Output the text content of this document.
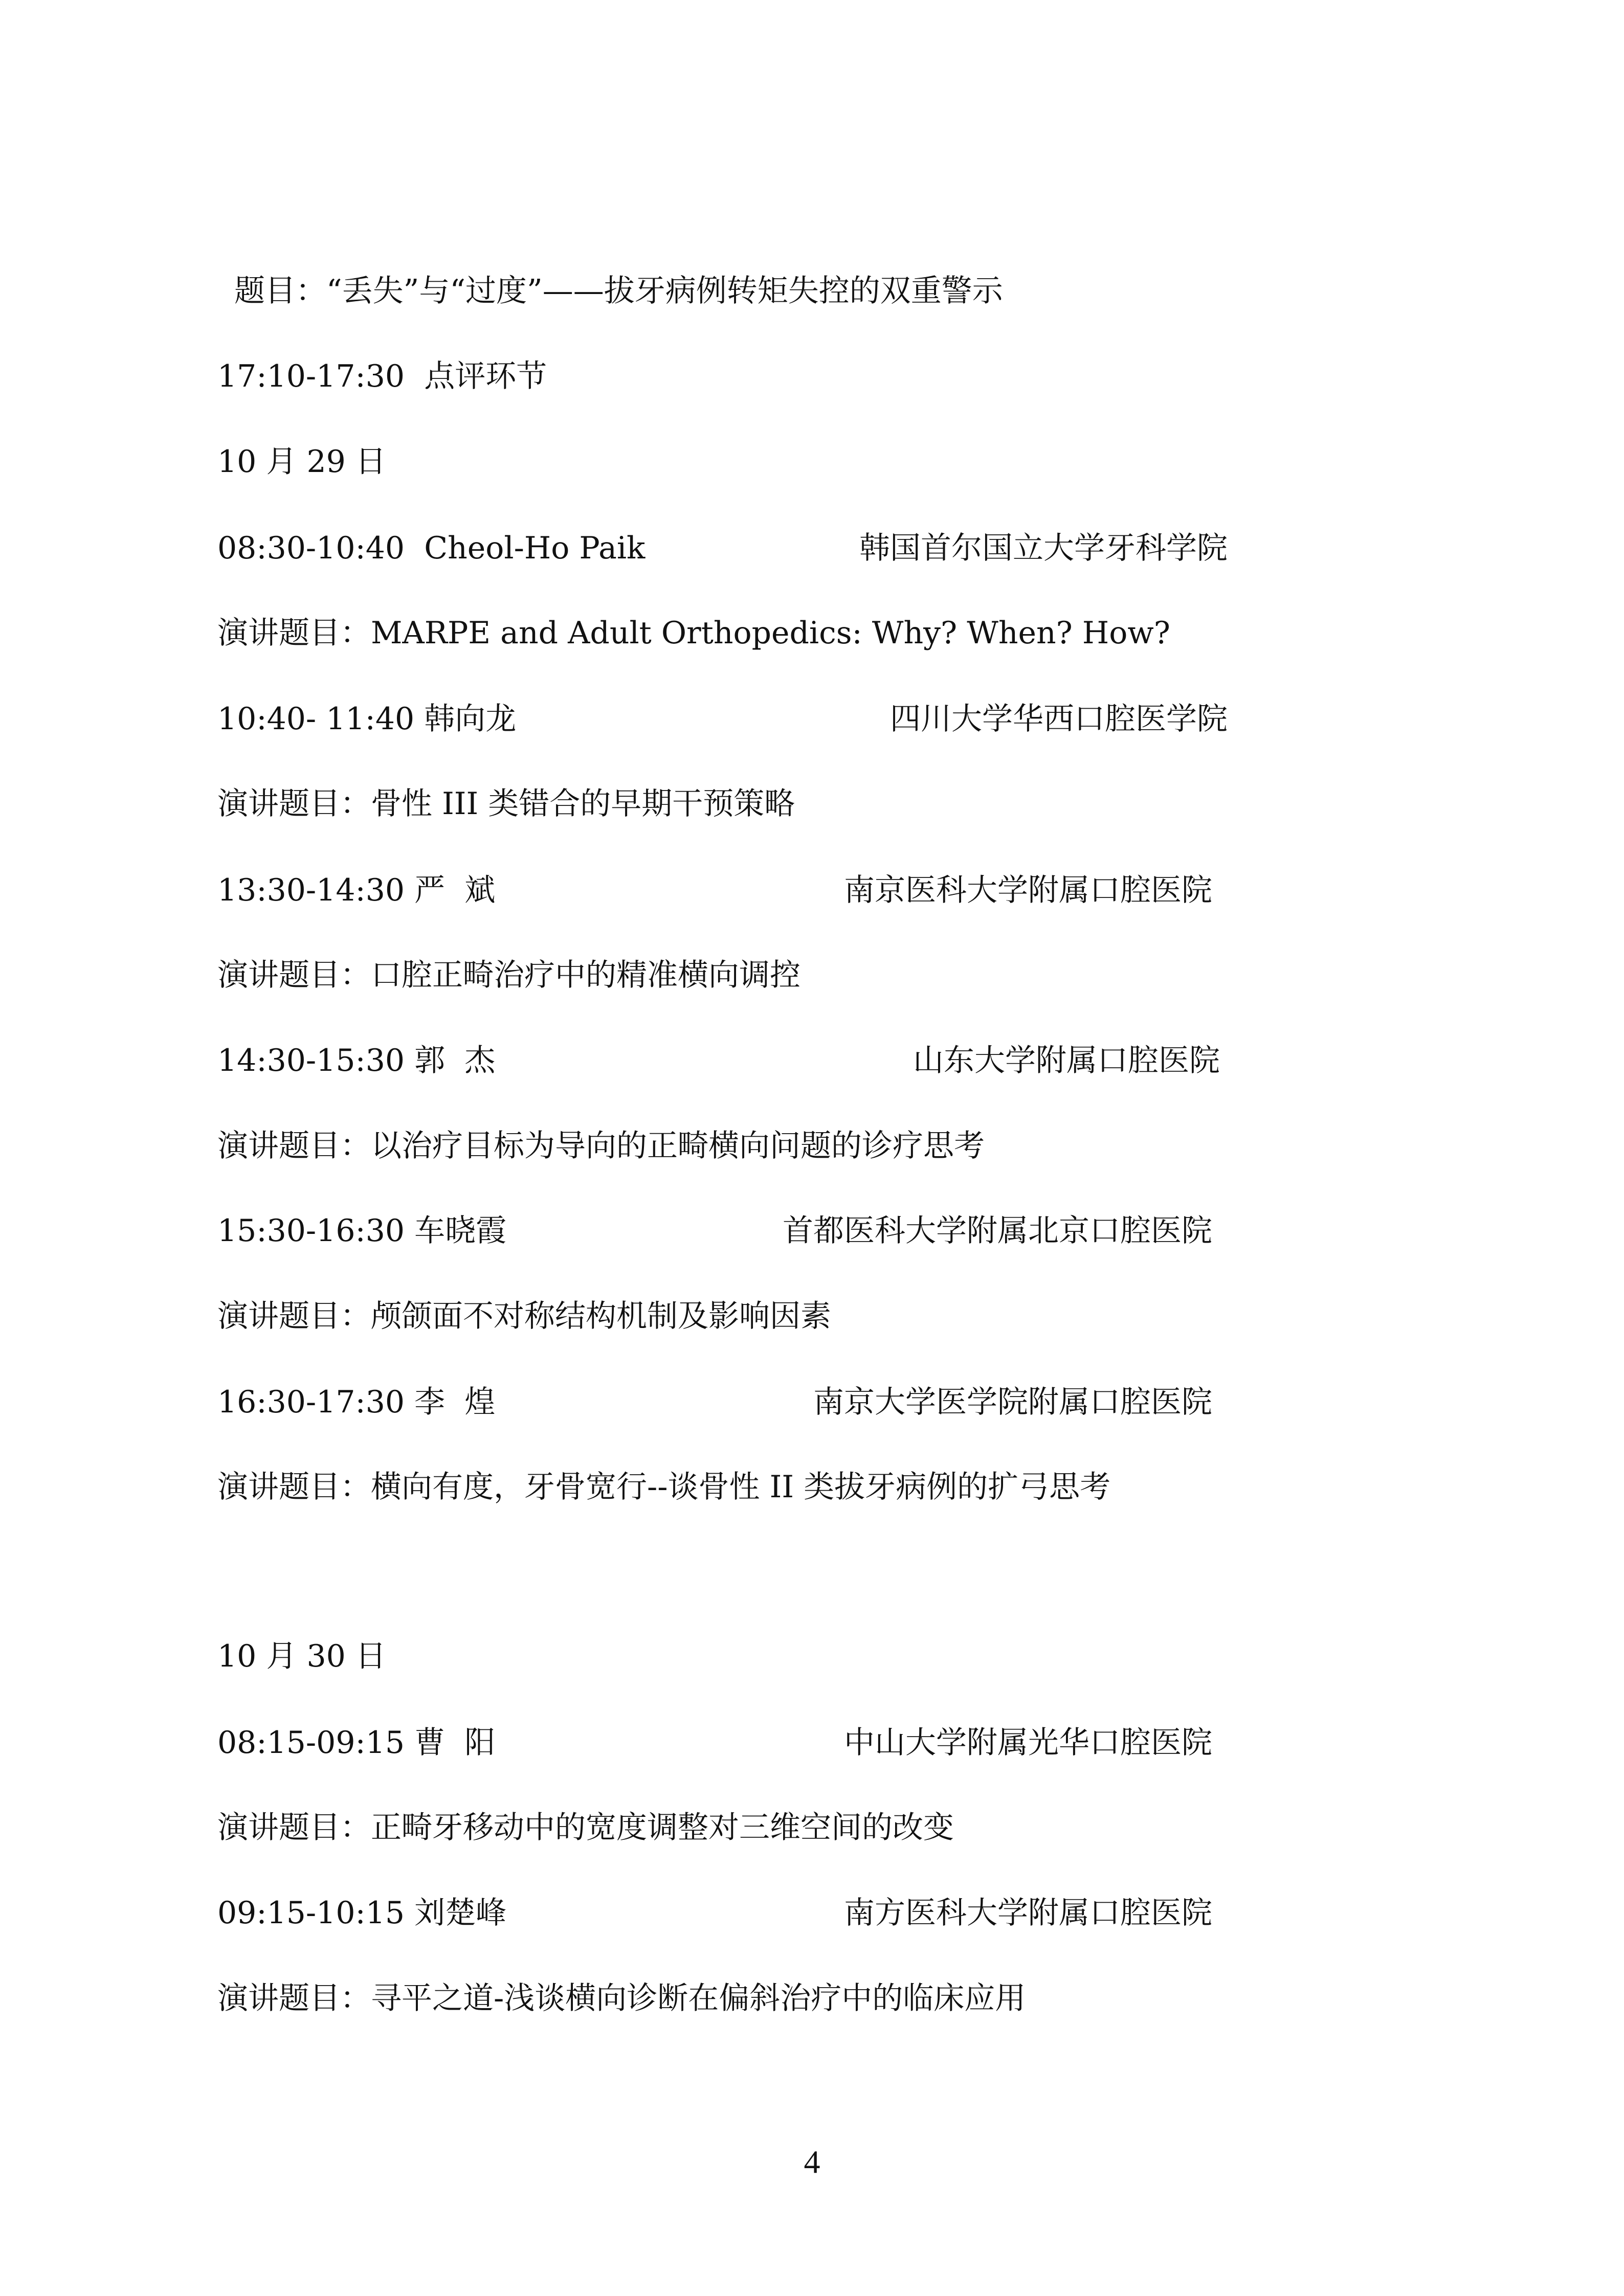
题目：“丢失”与“过度”——拔牙病例转矩失控的双重警示
17:10-17:30  点评环节
10 月 29 日
08:30-10:40  Cheol-Ho Paik	韩国首尔国立大学牙科学院
演讲题目：MARPE and Adult Orthopedics: Why? When? How?
10:40- 11:40 韩向龙	四川大学华西口腔医学院
演讲题目：骨性 III 类错合的早期干预策略
13:30-14:30 严  斌	南京医科大学附属口腔医院
演讲题目：口腔正畸治疗中的精准横向调控
14:30-15:30 郭  杰	山东大学附属口腔医院
演讲题目：以治疗目标为导向的正畸横向问题的诊疗思考
15:30-16:30 车晓霞	首都医科大学附属北京口腔医院
演讲题目：颅颌面不对称结构机制及影响因素
16:30-17:30 李  煌	南京大学医学院附属口腔医院
演讲题目：横向有度，牙骨宽行--谈骨性 II 类拔牙病例的扩弓思考
10 月 30 日
08:15-09:15 曹  阳	中山大学附属光华口腔医院
演讲题目：正畸牙移动中的宽度调整对三维空间的改变
09:15-10:15 刘楚峰	南方医科大学附属口腔医院
演讲题目：寻平之道-浅谈横向诊断在偏斜治疗中的临床应用
4
